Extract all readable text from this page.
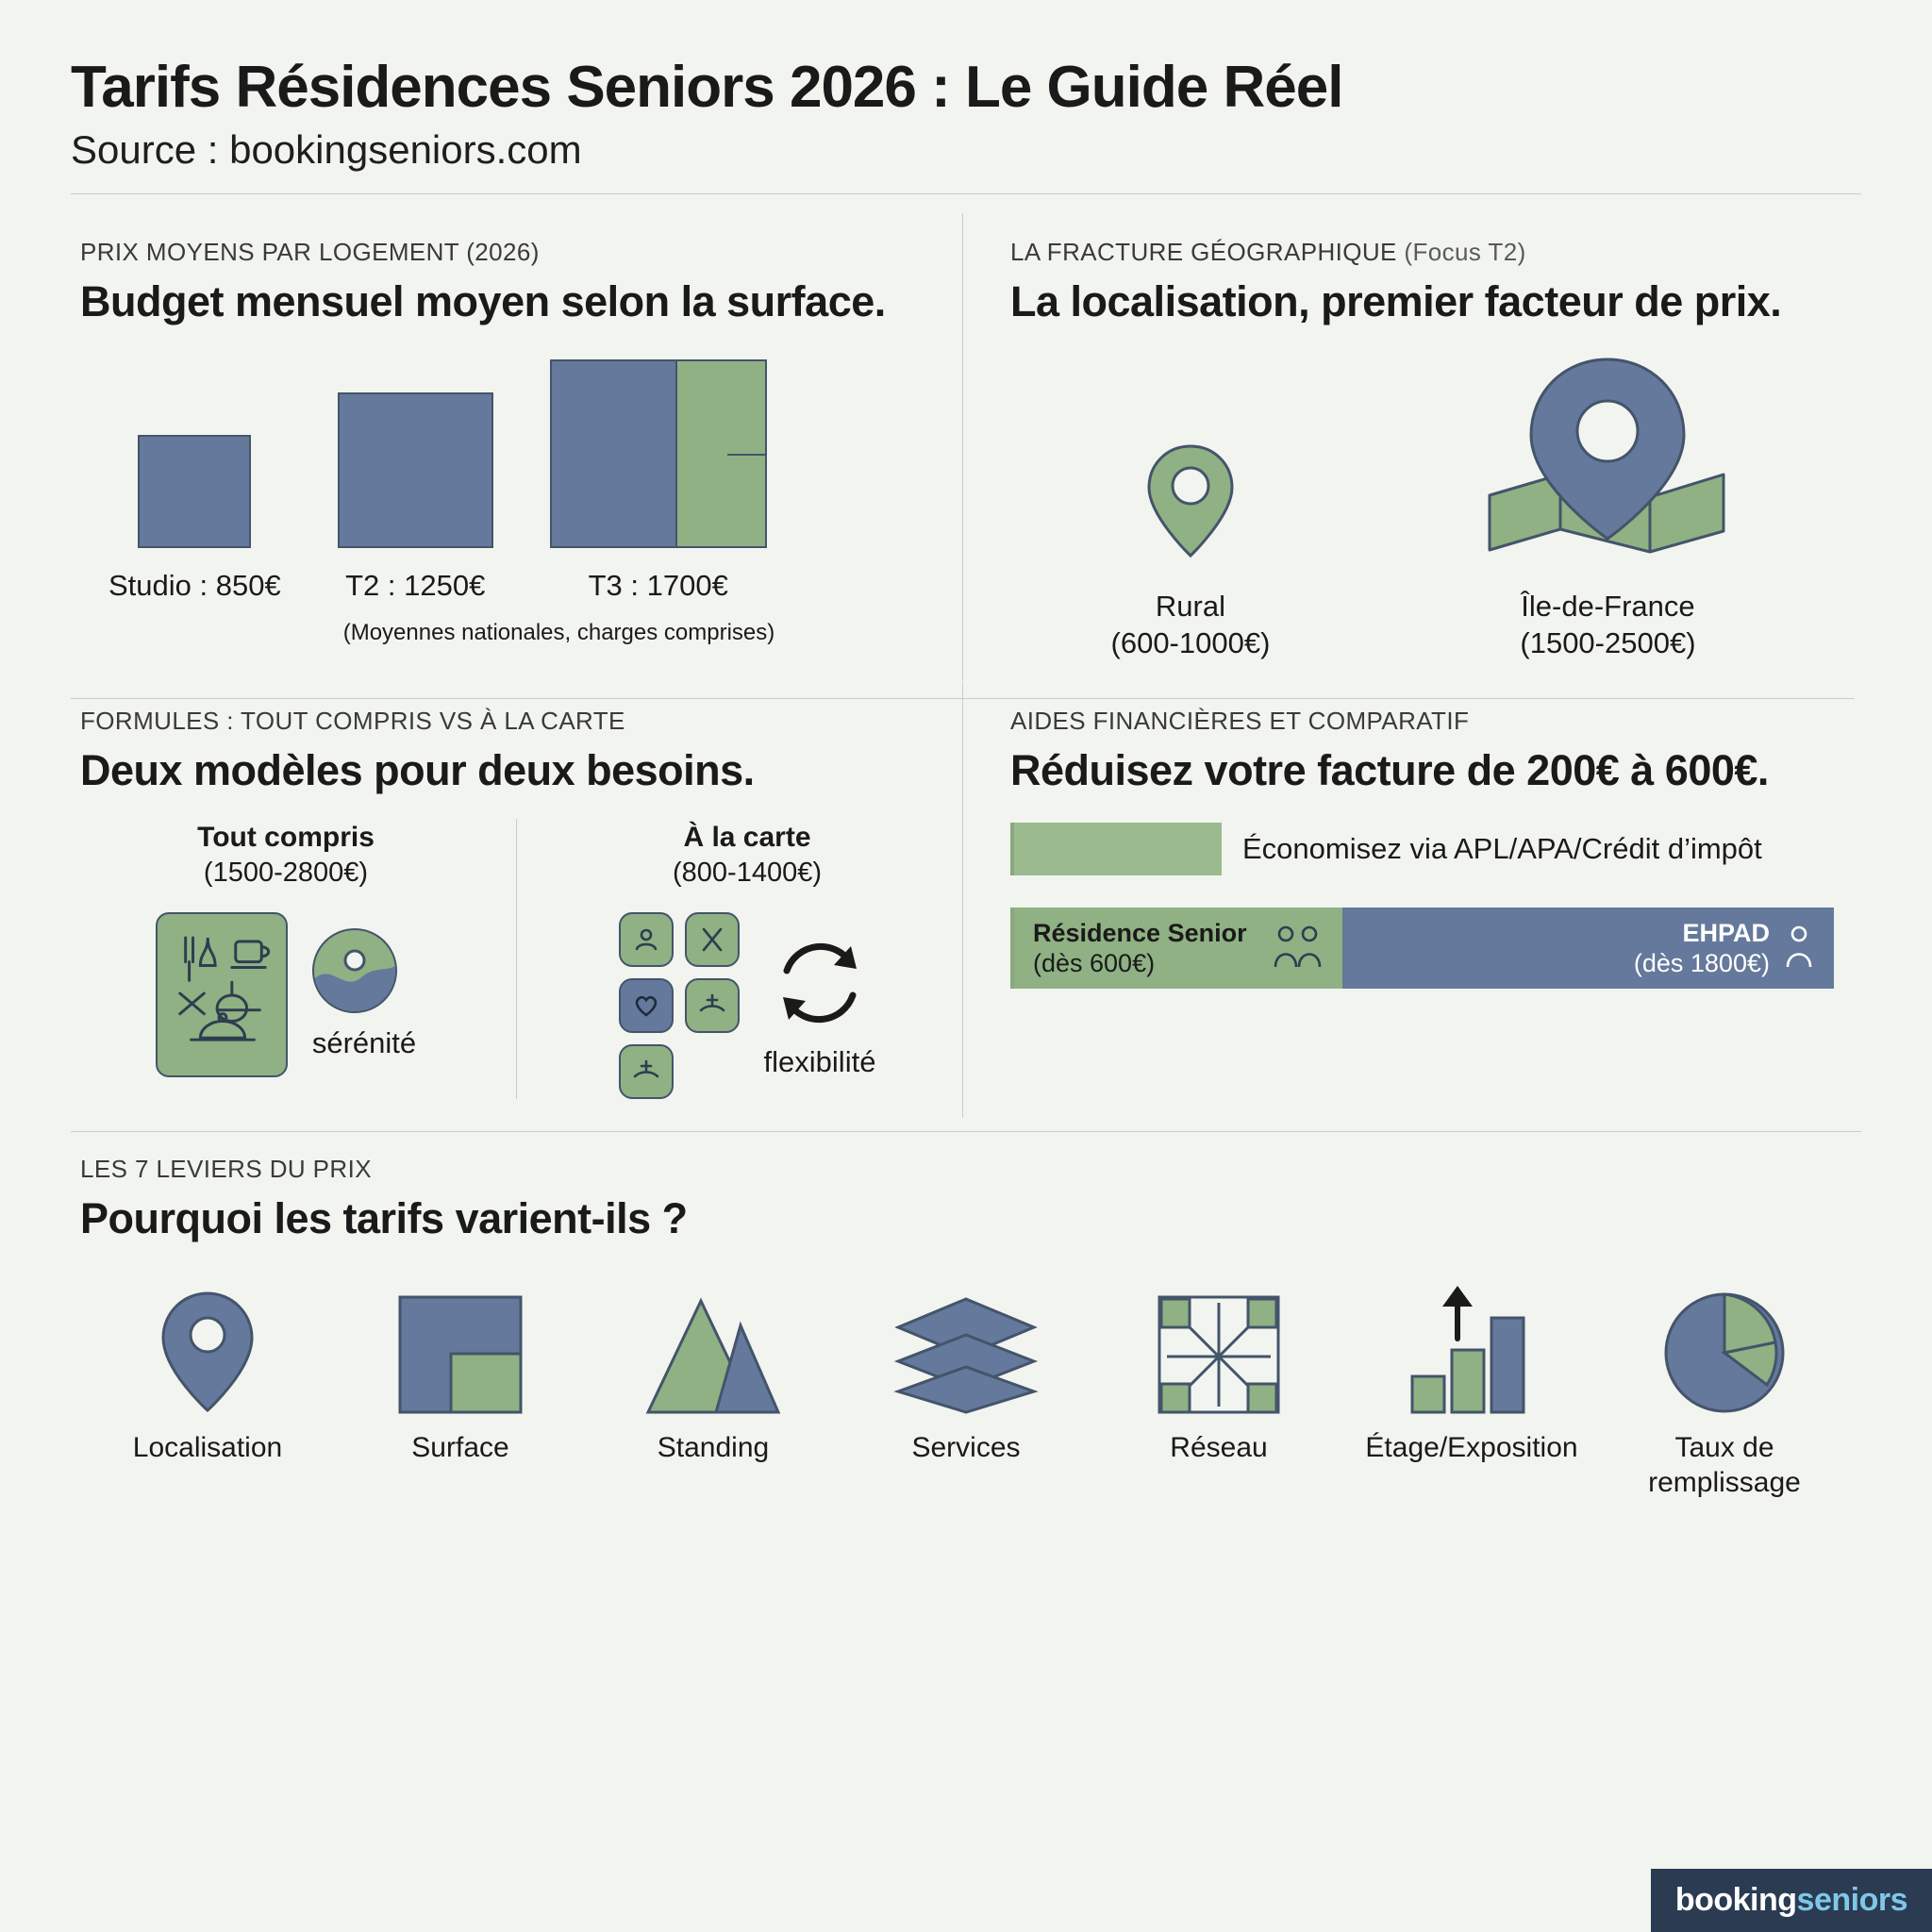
Tarifs Résidences Seniors 2026 : Le Guide Réel

Source : bookingseniors.com

PRIX MOYENS PAR LOGEMENT (2026)
Budget mensuel moyen selon la surface.
Studio : 850€ T2 : 1250€	T3 : 1700€
(Moyennes nationales, charges comprises)
LA FRACTURE GÉOGRAPHIQUE (Focus T2)
La localisation, premier facteur de prix.
Rural
(600-1000€)
Île-de-France
(1500-2500€)
FORMULES : TOUT COMPRIS VS À LA CARTE
Deux modèles pour deux besoins.
Tout compris
(1500-2800€)
sérénité
À la carte
(800-1400€)
flexibilité
AIDES FINANCIÈRES ET COMPARATIF
Réduisez votre facture de 200€ à 600€.
Économisez via APL/APA/Crédit d’impôt
Résidence Senior
(dès 600€)
EHPAD
(dès 1800€)
LES 7 LEVIERS DU PRIX
Pourquoi les tarifs varient-ils ?
Localisation	Surface	Standing	Services	Réseau	Étage/Exposition	Taux de remplissage
bookingseniors
